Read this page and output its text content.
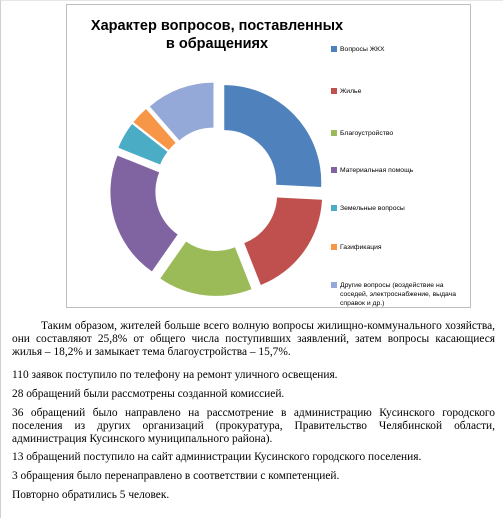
Характер вопросов, поставленных в обращениях	Вопросы ЖКХ
Жилье
Благоустройство
Материальная помощь
Земельные вопросы
Газификация
Другие вопросы (воздействие на соседей, электроснабжение, выдача справок и др.)

Таким образом, жителей больше всего волную вопросы жилищно-коммунального хозяйства, они составляют 25,8% от общего числа поступивших заявлений, затем вопросы касающиеся жилья – 18,2% и замыкает тема благоустройства – 15,7%.

110 заявок поступило по телефону на ремонт уличного освещения.

28 обращений были рассмотрены созданной комиссией.

36 обращений было направлено на рассмотрение в администрацию Кусинского городского поселения из других организаций (прокуратура, Правительство Челябинской области, администрация Кусинского муниципального района).

13 обращений поступило на сайт администрации Кусинского городского поселения.

3 обращения было перенаправлено в соответствии с компетенцией.

Повторно обратились 5 человек.
